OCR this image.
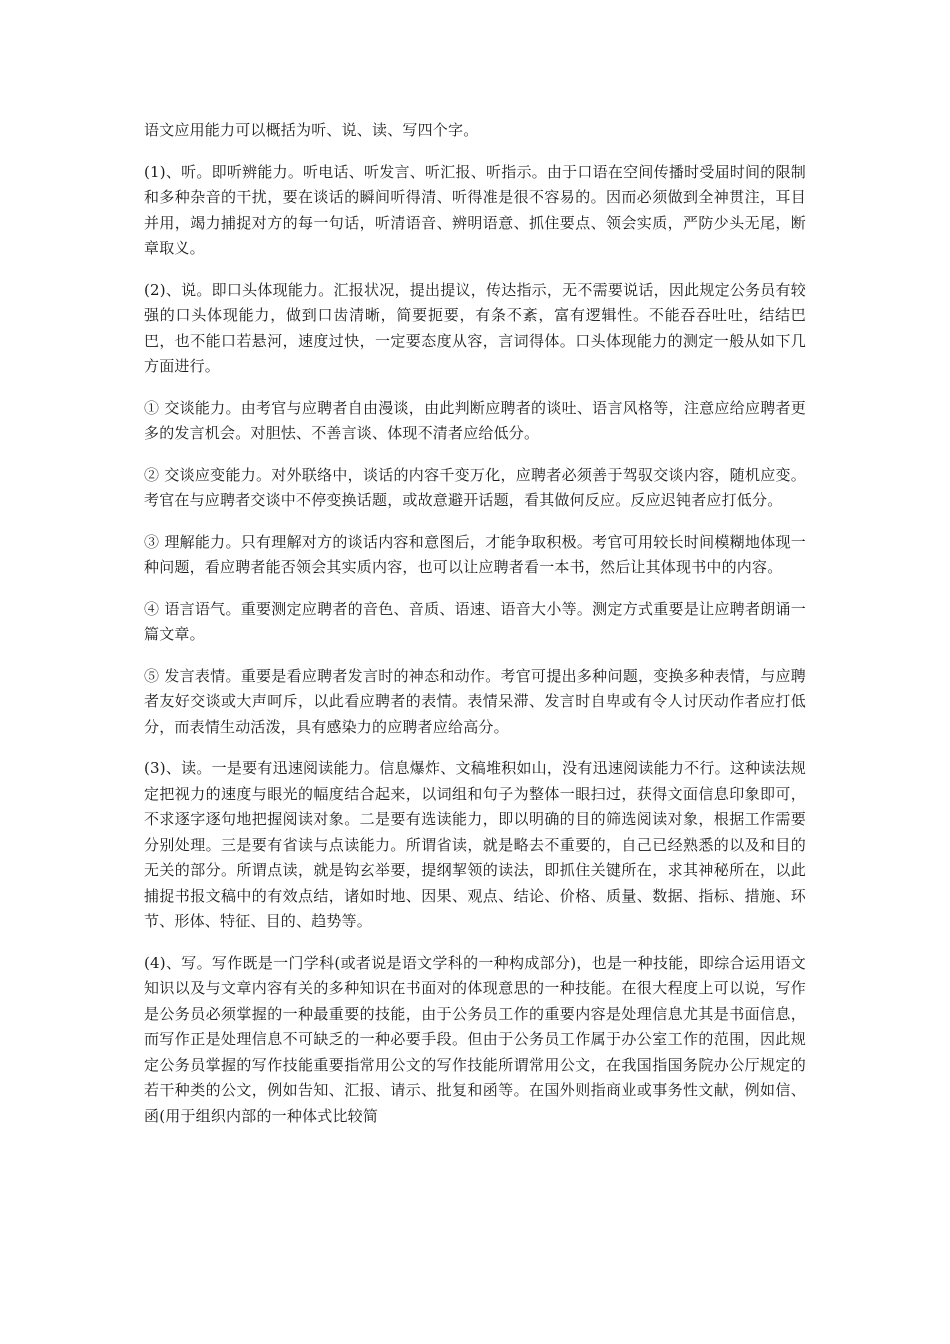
语文应用能力可以概括为听、说、读、写四个字。

(1)、听。即听辨能力。听电话、听发言、听汇报、听指示。由于口语在空间传播时受届时间的限制和多种杂音的干扰，要在谈话的瞬间听得清、听得准是很不容易的。因而必须做到全神贯注，耳目并用，竭力捕捉对方的每一句话，听清语音、辨明语意、抓住要点、领会实质，严防少头无尾，断章取义。

(2)、说。即口头体现能力。汇报状况，提出提议，传达指示，无不需要说话，因此规定公务员有较强的口头体现能力，做到口齿清晰，简要扼要，有条不紊，富有逻辑性。不能吞吞吐吐，结结巴巴，也不能口若悬河，速度过快，一定要态度从容，言词得体。口头体现能力的测定一般从如下几方面进行。

① 交谈能力。由考官与应聘者自由漫谈，由此判断应聘者的谈吐、语言风格等，注意应给应聘者更多的发言机会。对胆怯、不善言谈、体现不清者应给低分。

② 交谈应变能力。对外联络中，谈话的内容千变万化，应聘者必须善于驾驭交谈内容，随机应变。考官在与应聘者交谈中不停变换话题，或故意避开话题，看其做何反应。反应迟钝者应打低分。

③ 理解能力。只有理解对方的谈话内容和意图后，才能争取积极。考官可用较长时间模糊地体现一种问题，看应聘者能否领会其实质内容，也可以让应聘者看一本书，然后让其体现书中的内容。

④ 语言语气。重要测定应聘者的音色、音质、语速、语音大小等。测定方式重要是让应聘者朗诵一篇文章。

⑤ 发言表情。重要是看应聘者发言时的神态和动作。考官可提出多种问题，变换多种表情，与应聘者友好交谈或大声呵斥，以此看应聘者的表情。表情呆滞、发言时自卑或有令人讨厌动作者应打低分，而表情生动活泼，具有感染力的应聘者应给高分。

(3)、读。一是要有迅速阅读能力。信息爆炸、文稿堆积如山，没有迅速阅读能力不行。这种读法规定把视力的速度与眼光的幅度结合起来，以词组和句子为整体一眼扫过，获得文面信息印象即可，不求逐字逐句地把握阅读对象。二是要有选读能力，即以明确的目的筛选阅读对象，根据工作需要分别处理。三是要有省读与点读能力。所谓省读，就是略去不重要的，自己已经熟悉的以及和目的无关的部分。所谓点读，就是钩玄举要，提纲挈领的读法，即抓住关键所在，求其神秘所在，以此捕捉书报文稿中的有效点结，诸如时地、因果、观点、结论、价格、质量、数据、指标、措施、环节、形体、特征、目的、趋势等。

(4)、写。写作既是一门学科(或者说是语文学科的一种构成部分)，也是一种技能，即综合运用语文知识以及与文章内容有关的多种知识在书面对的体现意思的一种技能。在很大程度上可以说，写作是公务员必须掌握的一种最重要的技能，由于公务员工作的重要内容是处理信息尤其是书面信息，而写作正是处理信息不可缺乏的一种必要手段。但由于公务员工作属于办公室工作的范围，因此规定公务员掌握的写作技能重要指常用公文的写作技能所谓常用公文，在我国指国务院办公厅规定的若干种类的公文，例如告知、汇报、请示、批复和函等。在国外则指商业或事务性文献，例如信、函(用于组织内部的一种体式比较简
